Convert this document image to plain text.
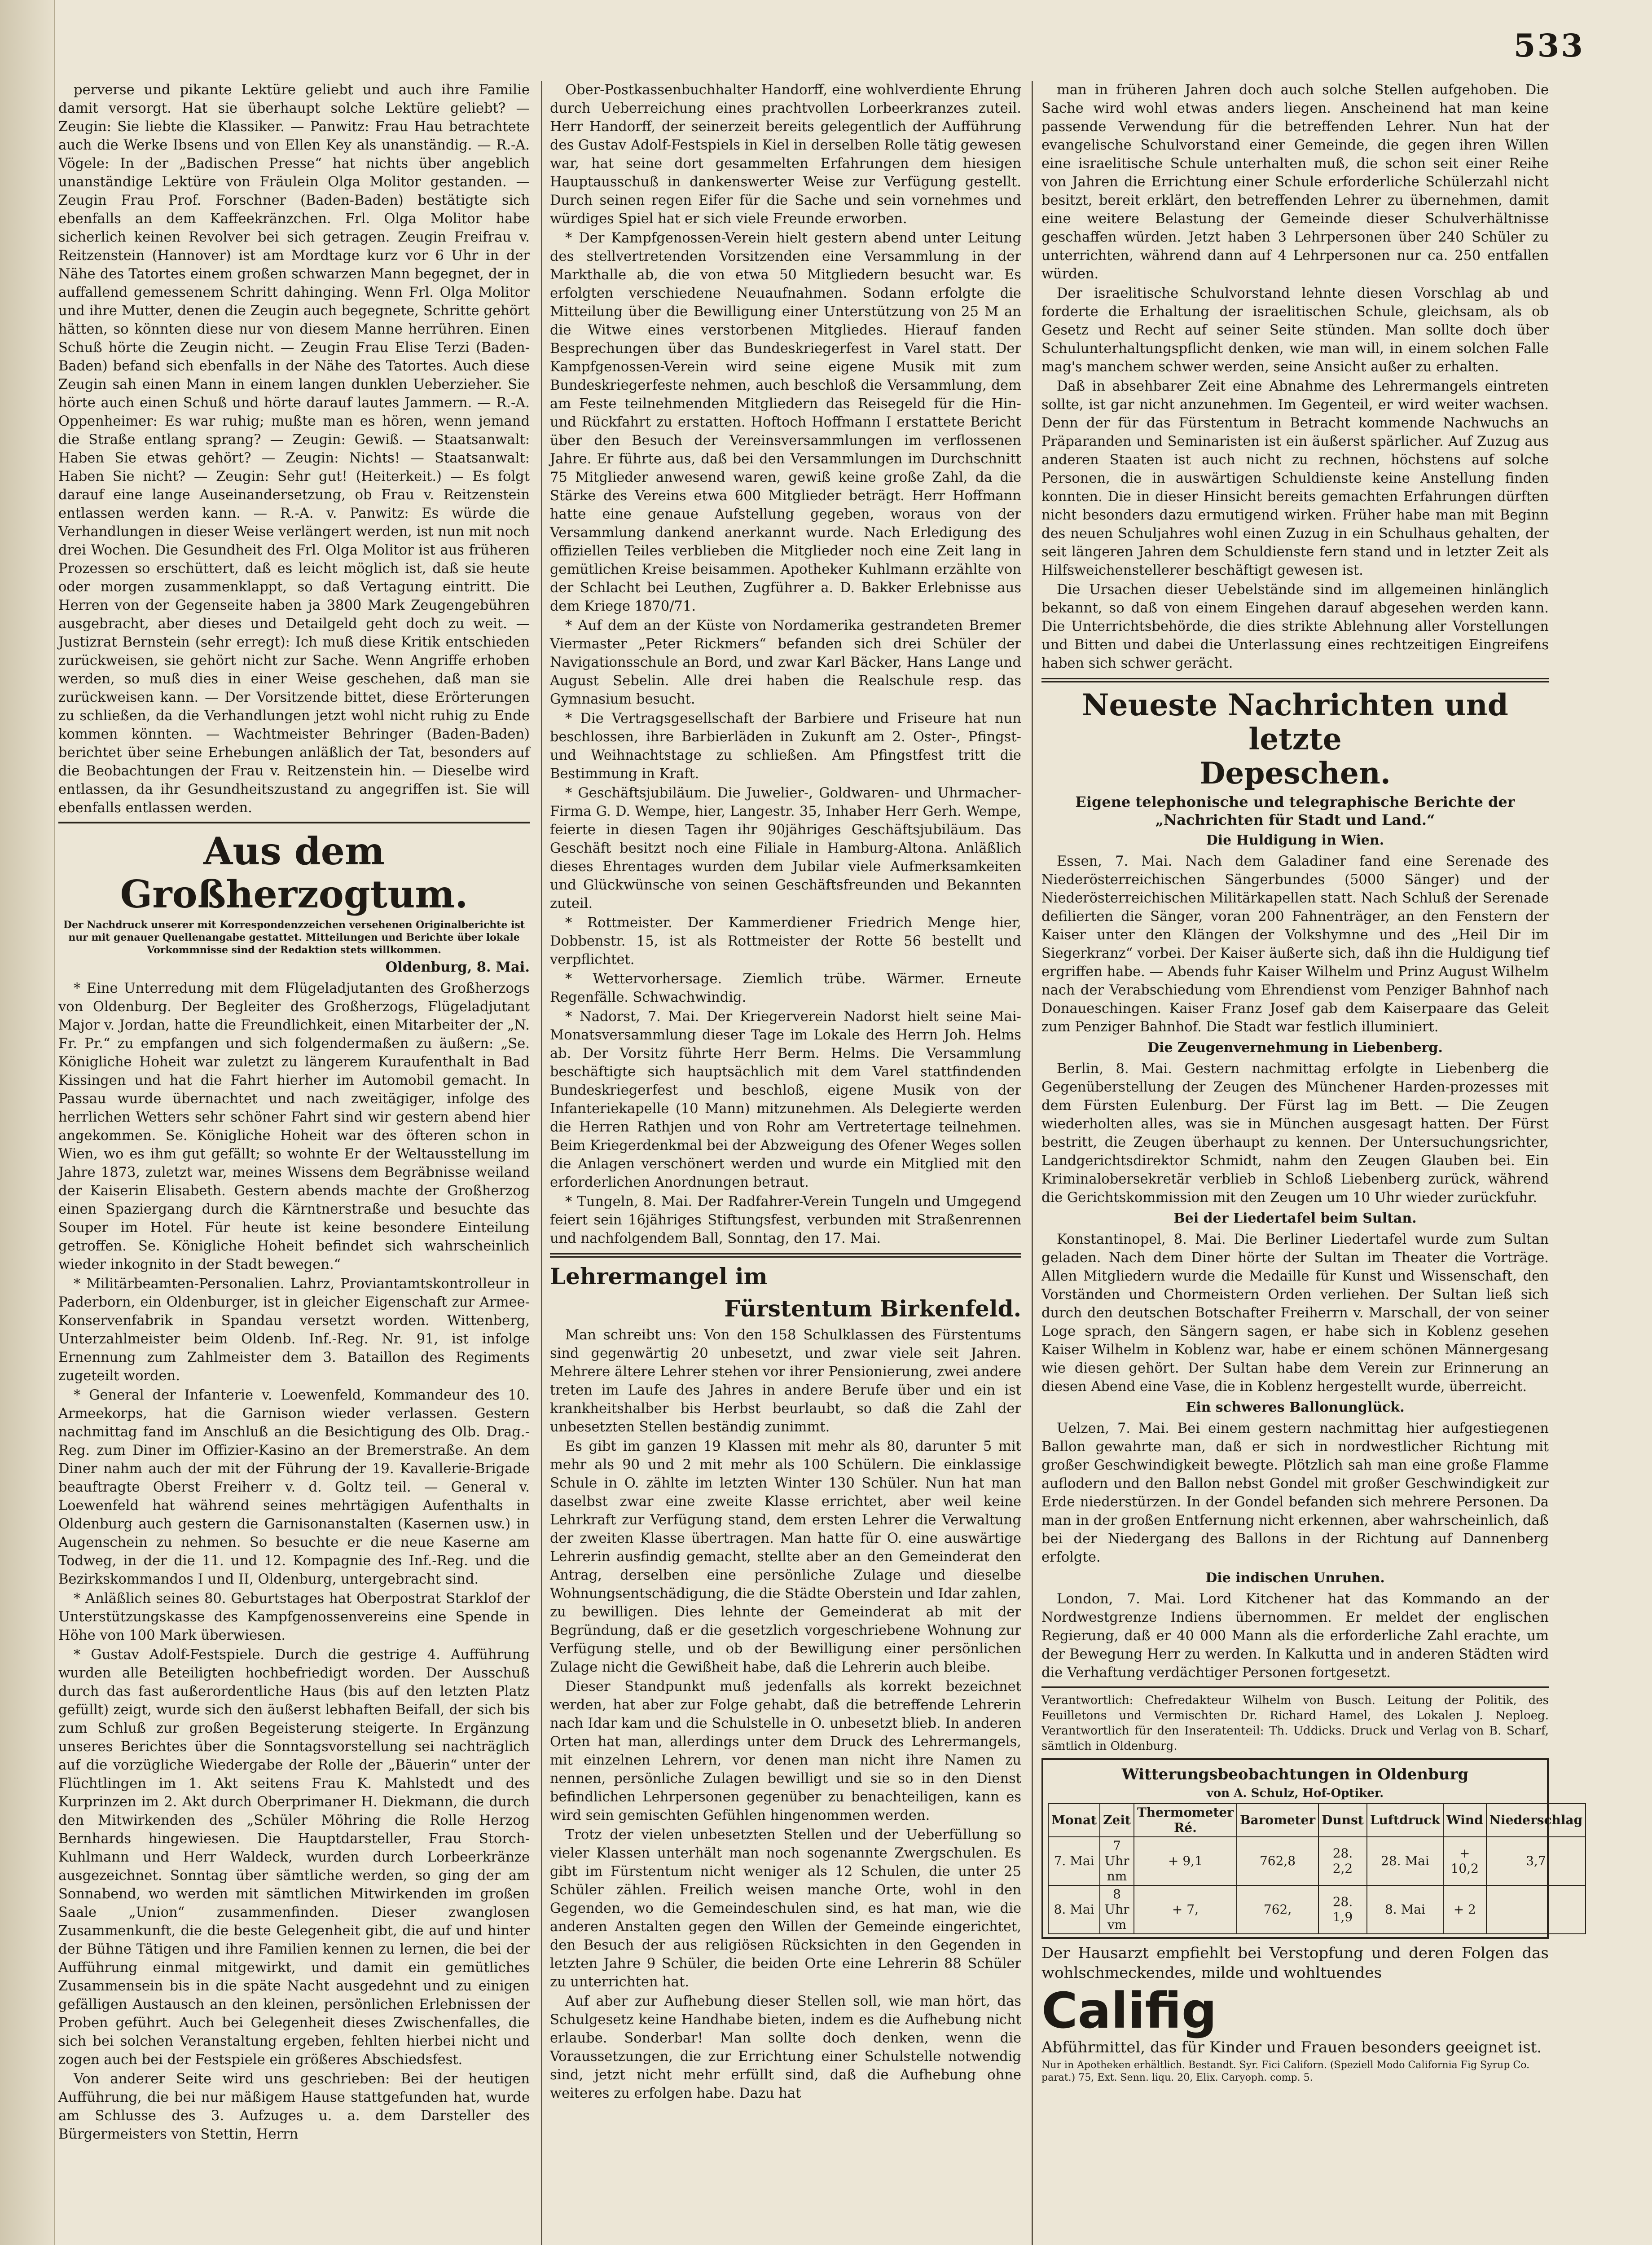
533

perverse und pikante Lektüre geliebt und auch ihre Familie damit versorgt. Hat sie überhaupt solche Lektüre geliebt? — Zeugin: Sie liebte die Klassiker. — Panwitz: Frau Hau betrachtete auch die Werke Ibsens und von Ellen Key als unanständig. — R.-A. Vögele: In der „Badischen Presse“ hat nichts über angeblich unanständige Lektüre von Fräulein Olga Molitor gestanden. — Zeugin Frau Prof. Forschner (Baden-Baden) bestätigte sich ebenfalls an dem Kaffeekränzchen. Frl. Olga Molitor habe sicherlich keinen Revolver bei sich getragen. Zeugin Freifrau v. Reitzenstein (Hannover) ist am Mordtage kurz vor 6 Uhr in der Nähe des Tatortes einem großen schwarzen Mann begegnet, der in auffallend gemessenem Schritt dahinging. Wenn Frl. Olga Molitor und ihre Mutter, denen die Zeugin auch begegnete, Schritte gehört hätten, so könnten diese nur von diesem Manne herrühren. Einen Schuß hörte die Zeugin nicht. — Zeugin Frau Elise Terzi (Baden-Baden) befand sich ebenfalls in der Nähe des Tatortes. Auch diese Zeugin sah einen Mann in einem langen dunklen Ueberzieher. Sie hörte auch einen Schuß und hörte darauf lautes Jammern. — R.-A. Oppenheimer: Es war ruhig; mußte man es hören, wenn jemand die Straße entlang sprang? — Zeugin: Gewiß. — Staatsanwalt: Haben Sie etwas gehört? — Zeugin: Nichts! — Staatsanwalt: Haben Sie nicht? — Zeugin: Sehr gut! (Heiterkeit.) — Es folgt darauf eine lange Auseinandersetzung, ob Frau v. Reitzenstein entlassen werden kann. — R.-A. v. Panwitz: Es würde die Verhandlungen in dieser Weise verlängert werden, ist nun mit noch drei Wochen. Die Gesundheit des Frl. Olga Molitor ist aus früheren Prozessen so erschüttert, daß es leicht möglich ist, daß sie heute oder morgen zusammenklappt, so daß Vertagung eintritt. Die Herren von der Gegenseite haben ja 3800 Mark Zeugengebühren ausgebracht, aber dieses und Detailgeld geht doch zu weit. — Justizrat Bernstein (sehr erregt): Ich muß diese Kritik entschieden zurückweisen, sie gehört nicht zur Sache. Wenn Angriffe erhoben werden, so muß dies in einer Weise geschehen, daß man sie zurückweisen kann. — Der Vorsitzende bittet, diese Erörterungen zu schließen, da die Verhandlungen jetzt wohl nicht ruhig zu Ende kommen könnten. — Wachtmeister Behringer (Baden-Baden) berichtet über seine Erhebungen anläßlich der Tat, besonders auf die Beobachtungen der Frau v. Reitzenstein hin. — Dieselbe wird entlassen, da ihr Gesundheitszustand zu angegriffen ist. Sie will ebenfalls entlassen werden.

Aus dem Großherzogtum.
Der Nachdruck unserer mit Korrespondenzzeichen versehenen Originalberichte ist nur mit genauer Quellenangabe gestattet. Mitteilungen und Berichte über lokale Vorkommnisse sind der Redaktion stets willkommen.
Oldenburg, 8. Mai.

* Eine Unterredung mit dem Flügeladjutanten des Großherzogs von Oldenburg. Der Begleiter des Großherzogs, Flügeladjutant Major v. Jordan, hatte die Freundlichkeit, einen Mitarbeiter der „N. Fr. Pr.“ zu empfangen und sich folgendermaßen zu äußern: „Se. Königliche Hoheit war zuletzt zu längerem Kuraufenthalt in Bad Kissingen und hat die Fahrt hierher im Automobil gemacht. In Passau wurde übernachtet und nach zweitägiger, infolge des herrlichen Wetters sehr schöner Fahrt sind wir gestern abend hier angekommen. Se. Königliche Hoheit war des öfteren schon in Wien, wo es ihm gut gefällt; so wohnte Er der Weltausstellung im Jahre 1873, zuletzt war, meines Wissens dem Begräbnisse weiland der Kaiserin Elisabeth. Gestern abends machte der Großherzog einen Spaziergang durch die Kärntnerstraße und besuchte das Souper im Hotel. Für heute ist keine besondere Einteilung getroffen. Se. Königliche Hoheit befindet sich wahrscheinlich wieder inkognito in der Stadt bewegen.“

* Militärbeamten-Personalien. Lahrz, Proviantamtskontrolleur in Paderborn, ein Oldenburger, ist in gleicher Eigenschaft zur Armee-Konservenfabrik in Spandau versetzt worden. Wittenberg, Unterzahlmeister beim Oldenb. Inf.-Reg. Nr. 91, ist infolge Ernennung zum Zahlmeister dem 3. Bataillon des Regiments zugeteilt worden.

* General der Infanterie v. Loewenfeld, Kommandeur des 10. Armeekorps, hat die Garnison wieder verlassen. Gestern nachmittag fand im Anschluß an die Besichtigung des Olb. Drag.-Reg. zum Diner im Offizier-Kasino an der Bremerstraße. An dem Diner nahm auch der mit der Führung der 19. Kavallerie-Brigade beauftragte Oberst Freiherr v. d. Goltz teil. — General v. Loewenfeld hat während seines mehrtägigen Aufenthalts in Oldenburg auch gestern die Garnisonanstalten (Kasernen usw.) in Augenschein zu nehmen. So besuchte er die neue Kaserne am Todweg, in der die 11. und 12. Kompagnie des Inf.-Reg. und die Bezirkskommandos I und II, Oldenburg, untergebracht sind.

* Anläßlich seines 80. Geburtstages hat Oberpostrat Starklof der Unterstützungskasse des Kampfgenossenvereins eine Spende in Höhe von 100 Mark überwiesen.

* Gustav Adolf-Festspiele. Durch die gestrige 4. Aufführung wurden alle Beteiligten hochbefriedigt worden. Der Ausschuß durch das fast außerordentliche Haus (bis auf den letzten Platz gefüllt) zeigt, wurde sich den äußerst lebhaften Beifall, der sich bis zum Schluß zur großen Begeisterung steigerte. In Ergänzung unseres Berichtes über die Sonntagsvorstellung sei nachträglich auf die vorzügliche Wiedergabe der Rolle der „Bäuerin“ unter der Flüchtlingen im 1. Akt seitens Frau K. Mahlstedt und des Kurprinzen im 2. Akt durch Oberprimaner H. Diekmann, die durch den Mitwirkenden des „Schüler Möhring die Rolle Herzog Bernhards hingewiesen. Die Hauptdarsteller, Frau Storch-Kuhlmann und Herr Waldeck, wurden durch Lorbeerkränze ausgezeichnet. Sonntag über sämtliche werden, so ging der am Sonnabend, wo werden mit sämtlichen Mitwirkenden im großen Saale „Union“ zusammenfinden. Dieser zwanglosen Zusammenkunft, die die beste Gelegenheit gibt, die auf und hinter der Bühne Tätigen und ihre Familien kennen zu lernen, die bei der Aufführung einmal mitgewirkt, und damit ein gemütliches Zusammensein bis in die späte Nacht ausgedehnt und zu einigen gefälligen Austausch an den kleinen, persönlichen Erlebnissen der Proben geführt. Auch bei Gelegenheit dieses Zwischenfalles, die sich bei solchen Veranstaltung ergeben, fehlten hierbei nicht und zogen auch bei der Festspiele ein größeres Abschiedsfest.

Von anderer Seite wird uns geschrieben: Bei der heutigen Aufführung, die bei nur mäßigem Hause stattgefunden hat, wurde am Schlusse des 3. Aufzuges u. a. dem Darsteller des Bürgermeisters von Stettin, Herrn

Ober-Postkassenbuchhalter Handorff, eine wohlverdiente Ehrung durch Ueberreichung eines prachtvollen Lorbeerkranzes zuteil. Herr Handorff, der seinerzeit bereits gelegentlich der Aufführung des Gustav Adolf-Festspiels in Kiel in derselben Rolle tätig gewesen war, hat seine dort gesammelten Erfahrungen dem hiesigen Hauptausschuß in dankenswerter Weise zur Verfügung gestellt. Durch seinen regen Eifer für die Sache und sein vornehmes und würdiges Spiel hat er sich viele Freunde erworben.

* Der Kampfgenossen-Verein hielt gestern abend unter Leitung des stellvertretenden Vorsitzenden eine Versammlung in der Markthalle ab, die von etwa 50 Mitgliedern besucht war. Es erfolgten verschiedene Neuaufnahmen. Sodann erfolgte die Mitteilung über die Bewilligung einer Unterstützung von 25 M an die Witwe eines verstorbenen Mitgliedes. Hierauf fanden Besprechungen über das Bundeskriegerfest in Varel statt. Der Kampfgenossen-Verein wird seine eigene Musik mit zum Bundeskriegerfeste nehmen, auch beschloß die Versammlung, dem am Feste teilnehmenden Mitgliedern das Reisegeld für die Hin- und Rückfahrt zu erstatten. Hoftoch Hoffmann I erstattete Bericht über den Besuch der Vereinsversammlungen im verflossenen Jahre. Er führte aus, daß bei den Versammlungen im Durchschnitt 75 Mitglieder anwesend waren, gewiß keine große Zahl, da die Stärke des Vereins etwa 600 Mitglieder beträgt. Herr Hoffmann hatte eine genaue Aufstellung gegeben, woraus von der Versammlung dankend anerkannt wurde. Nach Erledigung des offiziellen Teiles verblieben die Mitglieder noch eine Zeit lang in gemütlichen Kreise beisammen. Apotheker Kuhlmann erzählte von der Schlacht bei Leuthen, Zugführer a. D. Bakker Erlebnisse aus dem Kriege 1870/71.

* Auf dem an der Küste von Nordamerika gestrandeten Bremer Viermaster „Peter Rickmers“ befanden sich drei Schüler der Navigationsschule an Bord, und zwar Karl Bäcker, Hans Lange und August Sebelin. Alle drei haben die Realschule resp. das Gymnasium besucht.

* Die Vertragsgesellschaft der Barbiere und Friseure hat nun beschlossen, ihre Barbierläden in Zukunft am 2. Oster-, Pfingst- und Weihnachtstage zu schließen. Am Pfingstfest tritt die Bestimmung in Kraft.

* Geschäftsjubiläum. Die Juwelier-, Goldwaren- und Uhrmacher-Firma G. D. Wempe, hier, Langestr. 35, Inhaber Herr Gerh. Wempe, feierte in diesen Tagen ihr 90jähriges Geschäftsjubiläum. Das Geschäft besitzt noch eine Filiale in Hamburg-Altona. Anläßlich dieses Ehrentages wurden dem Jubilar viele Aufmerksamkeiten und Glückwünsche von seinen Geschäftsfreunden und Bekannten zuteil.

* Rottmeister. Der Kammerdiener Friedrich Menge hier, Dobbenstr. 15, ist als Rottmeister der Rotte 56 bestellt und verpflichtet.

* Wettervorhersage. Ziemlich trübe. Wärmer. Erneute Regenfälle. Schwachwindig.

* Nadorst, 7. Mai. Der Kriegerverein Nadorst hielt seine Mai-Monatsversammlung dieser Tage im Lokale des Herrn Joh. Helms ab. Der Vorsitz führte Herr Berm. Helms. Die Versammlung beschäftigte sich hauptsächlich mit dem Varel stattfindenden Bundeskriegerfest und beschloß, eigene Musik von der Infanteriekapelle (10 Mann) mitzunehmen. Als Delegierte werden die Herren Rathjen und von Rohr am Vertretertage teilnehmen. Beim Kriegerdenkmal bei der Abzweigung des Ofener Weges sollen die Anlagen verschönert werden und wurde ein Mitglied mit den erforderlichen Anordnungen betraut.

* Tungeln, 8. Mai. Der Radfahrer-Verein Tungeln und Umgegend feiert sein 16jähriges Stiftungsfest, verbunden mit Straßenrennen und nachfolgendem Ball, Sonntag, den 17. Mai.

Lehrermangel im
Fürstentum Birkenfeld.

Man schreibt uns: Von den 158 Schulklassen des Fürstentums sind gegenwärtig 20 unbesetzt, und zwar viele seit Jahren. Mehrere ältere Lehrer stehen vor ihrer Pensionierung, zwei andere treten im Laufe des Jahres in andere Berufe über und ein ist krankheitshalber bis Herbst beurlaubt, so daß die Zahl der unbesetzten Stellen beständig zunimmt.

Es gibt im ganzen 19 Klassen mit mehr als 80, darunter 5 mit mehr als 90 und 2 mit mehr als 100 Schülern. Die einklassige Schule in O. zählte im letzten Winter 130 Schüler. Nun hat man daselbst zwar eine zweite Klasse errichtet, aber weil keine Lehrkraft zur Verfügung stand, dem ersten Lehrer die Verwaltung der zweiten Klasse übertragen. Man hatte für O. eine auswärtige Lehrerin ausfindig gemacht, stellte aber an den Gemeinderat den Antrag, derselben eine persönliche Zulage und dieselbe Wohnungsentschädigung, die die Städte Oberstein und Idar zahlen, zu bewilligen. Dies lehnte der Gemeinderat ab mit der Begründung, daß er die gesetzlich vorgeschriebene Wohnung zur Verfügung stelle, und ob der Bewilligung einer persönlichen Zulage nicht die Gewißheit habe, daß die Lehrerin auch bleibe.

Dieser Standpunkt muß jedenfalls als korrekt bezeichnet werden, hat aber zur Folge gehabt, daß die betreffende Lehrerin nach Idar kam und die Schulstelle in O. unbesetzt blieb. In anderen Orten hat man, allerdings unter dem Druck des Lehrermangels, mit einzelnen Lehrern, vor denen man nicht ihre Namen zu nennen, persönliche Zulagen bewilligt und sie so in den Dienst befindlichen Lehrpersonen gegenüber zu benachteiligen, kann es wird sein gemischten Gefühlen hingenommen werden.

Trotz der vielen unbesetzten Stellen und der Ueberfüllung so vieler Klassen unterhält man noch sogenannte Zwergschulen. Es gibt im Fürstentum nicht weniger als 12 Schulen, die unter 25 Schüler zählen. Freilich weisen manche Orte, wohl in den Gegenden, wo die Gemeindeschulen sind, es hat man, wie die anderen Anstalten gegen den Willen der Gemeinde eingerichtet, den Besuch der aus religiösen Rücksichten in den Gegenden in letzten Jahre 9 Schüler, die beiden Orte eine Lehrerin 88 Schüler zu unterrichten hat.

Auf aber zur Aufhebung dieser Stellen soll, wie man hört, das Schulgesetz keine Handhabe bieten, indem es die Aufhebung nicht erlaube. Sonderbar! Man sollte doch denken, wenn die Voraussetzungen, die zur Errichtung einer Schulstelle notwendig sind, jetzt nicht mehr erfüllt sind, daß die Aufhebung ohne weiteres zu erfolgen habe. Dazu hat

man in früheren Jahren doch auch solche Stellen aufgehoben. Die Sache wird wohl etwas anders liegen. Anscheinend hat man keine passende Verwendung für die betreffenden Lehrer. Nun hat der evangelische Schulvorstand einer Gemeinde, die gegen ihren Willen eine israelitische Schule unterhalten muß, die schon seit einer Reihe von Jahren die Errichtung einer Schule erforderliche Schülerzahl nicht besitzt, bereit erklärt, den betreffenden Lehrer zu übernehmen, damit eine weitere Belastung der Gemeinde dieser Schulverhältnisse geschaffen würden. Jetzt haben 3 Lehrpersonen über 240 Schüler zu unterrichten, während dann auf 4 Lehrpersonen nur ca. 250 entfallen würden.

Der israelitische Schulvorstand lehnte diesen Vorschlag ab und forderte die Erhaltung der israelitischen Schule, gleichsam, als ob Gesetz und Recht auf seiner Seite stünden. Man sollte doch über Schulunterhaltungspflicht denken, wie man will, in einem solchen Falle mag's manchem schwer werden, seine Ansicht außer zu erhalten.

Daß in absehbarer Zeit eine Abnahme des Lehrermangels eintreten sollte, ist gar nicht anzunehmen. Im Gegenteil, er wird weiter wachsen. Denn der für das Fürstentum in Betracht kommende Nachwuchs an Präparanden und Seminaristen ist ein äußerst spärlicher. Auf Zuzug aus anderen Staaten ist auch nicht zu rechnen, höchstens auf solche Personen, die in auswärtigen Schuldienste keine Anstellung finden konnten. Die in dieser Hinsicht bereits gemachten Erfahrungen dürften nicht besonders dazu ermutigend wirken. Früher habe man mit Beginn des neuen Schuljahres wohl einen Zuzug in ein Schulhaus gehalten, der seit längeren Jahren dem Schuldienste fern stand und in letzter Zeit als Hilfsweichenstellerer beschäftigt gewesen ist.

Die Ursachen dieser Uebelstände sind im allgemeinen hinlänglich bekannt, so daß von einem Eingehen darauf abgesehen werden kann. Die Unterrichtsbehörde, die dies strikte Ablehnung aller Vorstellungen und Bitten und dabei die Unterlassung eines rechtzeitigen Eingreifens haben sich schwer gerächt.

Neueste Nachrichten und letzte
Depeschen.
Eigene telephonische und telegraphische Berichte der „Nachrichten für Stadt und Land.“
Die Huldigung in Wien.

Essen, 7. Mai. Nach dem Galadiner fand eine Serenade des Niederösterreichischen Sängerbundes (5000 Sänger) und der Niederösterreichischen Militärkapellen statt. Nach Schluß der Serenade defilierten die Sänger, voran 200 Fahnenträger, an den Fenstern der Kaiser unter den Klängen der Volkshymne und des „Heil Dir im Siegerkranz“ vorbei. Der Kaiser äußerte sich, daß ihn die Huldigung tief ergriffen habe. — Abends fuhr Kaiser Wilhelm und Prinz August Wilhelm nach der Verabschiedung vom Ehrendienst vom Penziger Bahnhof nach Donaueschingen. Kaiser Franz Josef gab dem Kaiserpaare das Geleit zum Penziger Bahnhof. Die Stadt war festlich illuminiert.

Die Zeugenvernehmung in Liebenberg.

Berlin, 8. Mai. Gestern nachmittag erfolgte in Liebenberg die Gegenüberstellung der Zeugen des Münchener Harden-prozesses mit dem Fürsten Eulenburg. Der Fürst lag im Bett. — Die Zeugen wiederholten alles, was sie in München ausgesagt hatten. Der Fürst bestritt, die Zeugen überhaupt zu kennen. Der Untersuchungsrichter, Landgerichtsdirektor Schmidt, nahm den Zeugen Glauben bei. Ein Kriminalobersekretär verblieb in Schloß Liebenberg zurück, während die Gerichtskommission mit den Zeugen um 10 Uhr wieder zurückfuhr.

Bei der Liedertafel beim Sultan.

Konstantinopel, 8. Mai. Die Berliner Liedertafel wurde zum Sultan geladen. Nach dem Diner hörte der Sultan im Theater die Vorträge. Allen Mitgliedern wurde die Medaille für Kunst und Wissenschaft, den Vorständen und Chormeistern Orden verliehen. Der Sultan ließ sich durch den deutschen Botschafter Freiherrn v. Marschall, der von seiner Loge sprach, den Sängern sagen, er habe sich in Koblenz gesehen Kaiser Wilhelm in Koblenz war, habe er einem schönen Männergesang wie diesen gehört. Der Sultan habe dem Verein zur Erinnerung an diesen Abend eine Vase, die in Koblenz hergestellt wurde, überreicht.

Ein schweres Ballonunglück.

Uelzen, 7. Mai. Bei einem gestern nachmittag hier aufgestiegenen Ballon gewahrte man, daß er sich in nordwestlicher Richtung mit großer Geschwindigkeit bewegte. Plötzlich sah man eine große Flamme auflodern und den Ballon nebst Gondel mit großer Geschwindigkeit zur Erde niederstürzen. In der Gondel befanden sich mehrere Personen. Da man in der großen Entfernung nicht erkennen, aber wahrscheinlich, daß bei der Niedergang des Ballons in der Richtung auf Dannenberg erfolgte.

Die indischen Unruhen.

London, 7. Mai. Lord Kitchener hat das Kommando an der Nordwestgrenze Indiens übernommen. Er meldet der englischen Regierung, daß er 40 000 Mann als die erforderliche Zahl erachte, um der Bewegung Herr zu werden. In Kalkutta und in anderen Städten wird die Verhaftung verdächtiger Personen fortgesetzt.

Verantwortlich: Chefredakteur Wilhelm von Busch. Leitung der Politik, des Feuilletons und Vermischten Dr. Richard Hamel, des Lokalen J. Neploeg. Verantwortlich für den Inseratenteil: Th. Uddicks. Druck und Verlag von B. Scharf, sämtlich in Oldenburg.

Witterungsbeobachtungen in Oldenburg
von A. Schulz, Hof-Optiker.
Monat	Zeit	Thermometer Ré.	Barometer	Dunst	Luftdruck	Wind	Niederschlag
7. Mai	7 Uhr nm	+ 9,1	762,8	28. 2,2	28. Mai	+ 10,2	3,7
8. Mai	8 Uhr vm	+ 7,	762,	28. 1,9	8. Mai	+ 2	

Der Hausarzt empfiehlt bei Verstopfung und deren Folgen das wohlschmeckendes, milde und wohltuendes

Califig

Abführmittel, das für Kinder und Frauen besonders geeignet ist.

Nur in Apotheken erhältlich. Bestandt. Syr. Fici Californ. (Speziell Modo California Fig Syrup Co. parat.) 75, Ext. Senn. liqu. 20, Elix. Caryoph. comp. 5.
